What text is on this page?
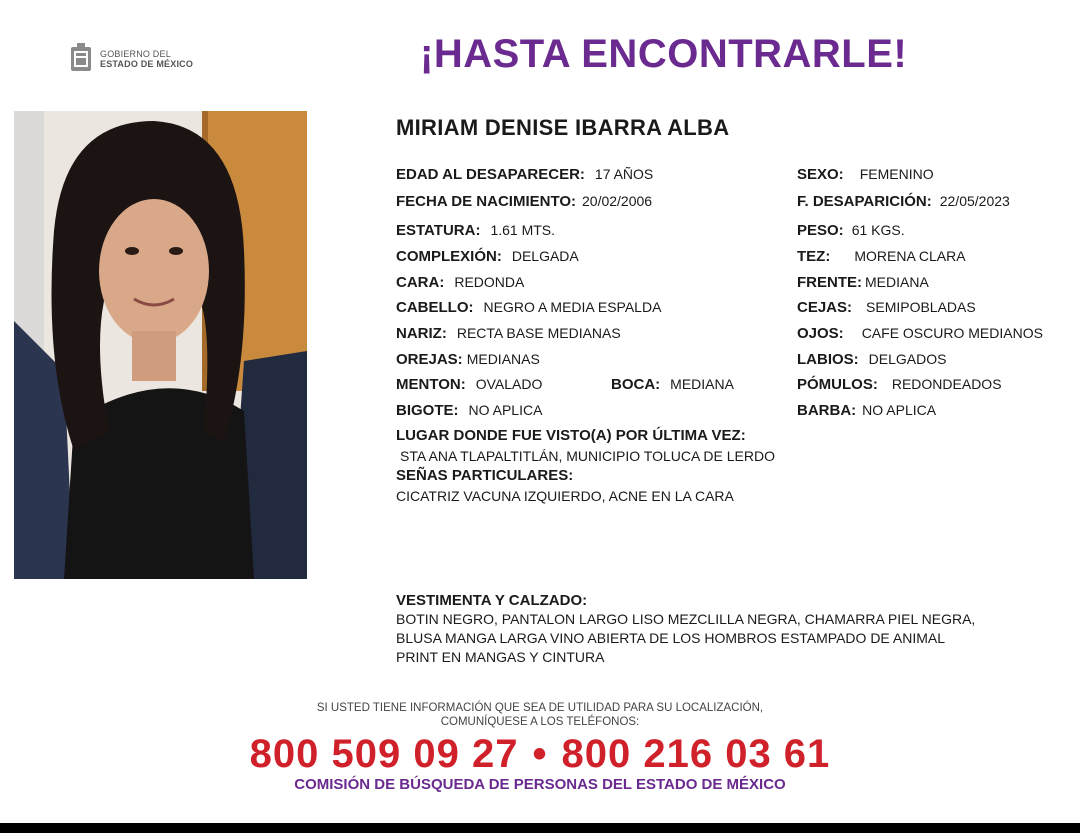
GOBIERNO DEL
ESTADO DE MÉXICO	¡HASTA ENCONTRARLE!
MIRIAM DENISE IBARRA ALBA
EDAD AL DESAPARECER: 17 AÑOS
FECHA DE NACIMIENTO: 20/02/2006
ESTATURA: 1.61 MTS.
COMPLEXIÓN: DELGADA
CARA: REDONDA
CABELLO: NEGRO A MEDIA ESPALDA
NARIZ: RECTA BASE MEDIANAS
OREJAS: MEDIANAS
MENTON: OVALADO
BIGOTE: NO APLICA
BOCA: MEDIANA
SEXO: FEMENINO
F. DESAPARICIÓN: 22/05/2023
PESO: 61 KGS.
TEZ: MORENA CLARA
FRENTE: MEDIANA
CEJAS: SEMIPOBLADAS
OJOS: CAFE OSCURO MEDIANOS
LABIOS: DELGADOS
PÓMULOS: REDONDEADOS
BARBA: NO APLICA
LUGAR DONDE FUE VISTO(A) POR ÚLTIMA VEZ:
STA ANA TLAPALTITLÁN, MUNICIPIO TOLUCA DE LERDO
SEÑAS PARTICULARES:
CICATRIZ VACUNA IZQUIERDO, ACNE EN LA CARA
VESTIMENTA Y CALZADO:
BOTIN NEGRO, PANTALON LARGO LISO MEZCLILLA NEGRA, CHAMARRA PIEL NEGRA,
BLUSA MANGA LARGA VINO ABIERTA DE LOS HOMBROS ESTAMPADO DE ANIMAL
PRINT EN MANGAS Y CINTURA
SI USTED TIENE INFORMACIÓN QUE SEA DE UTILIDAD PARA SU LOCALIZACIÓN,
COMUNÍQUESE A LOS TELÉFONOS:
800 509 09 27 • 800 216 03 61
COMISIÓN DE BÚSQUEDA DE PERSONAS DEL ESTADO DE MÉXICO
